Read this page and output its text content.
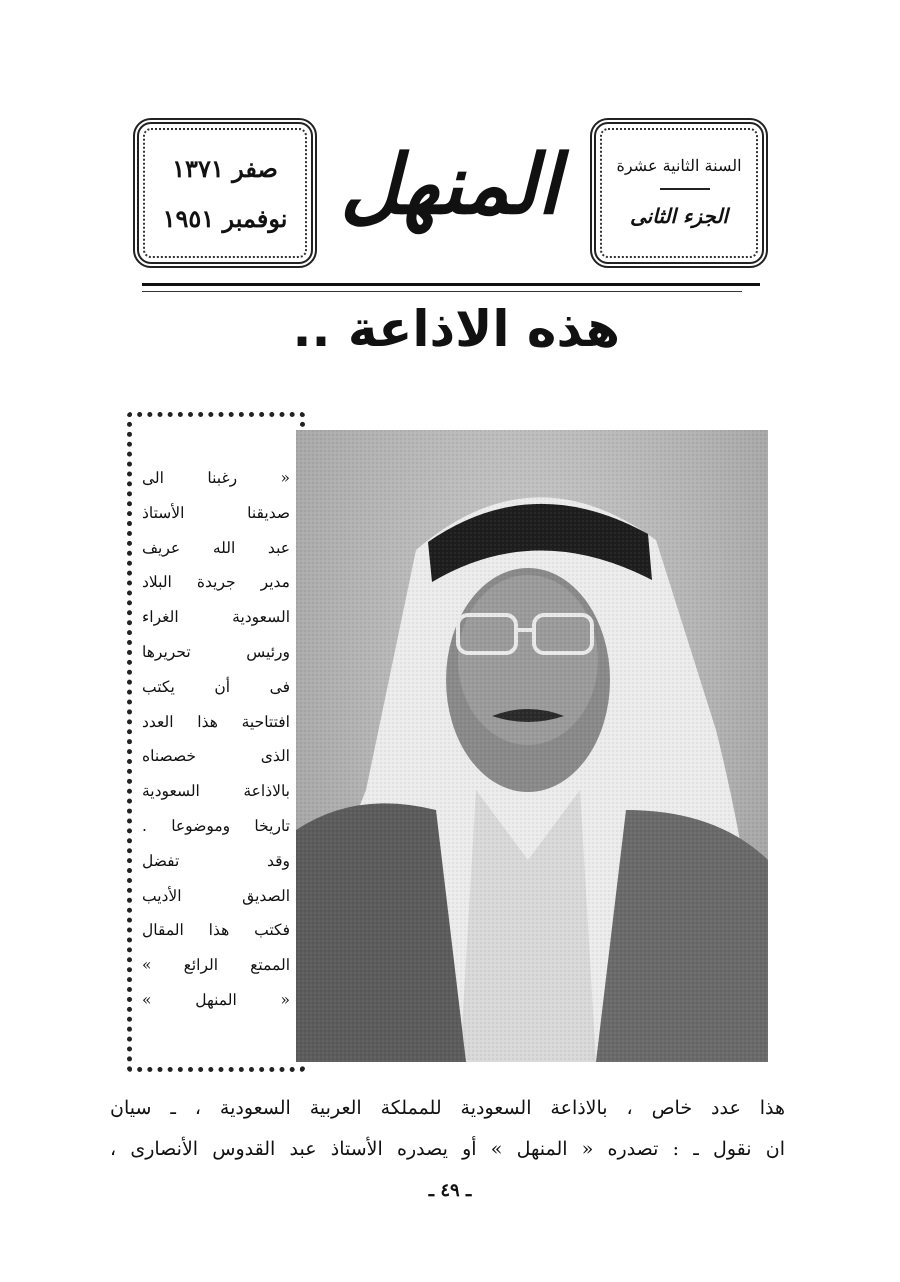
صفر ١٣٧١
نوفمبر ١٩٥١ المنهل	السنة الثانية عشرة
الجزء الثانى
هذه الاذاعة ..
« رغبنا الى
صديقنا الأستاذ
عبد الله عريف
مدير جريدة البلاد
السعودية الغراء
ورئيس تحريرها
فى أن يكتب
افتتاحية هذا العدد
الذى خصصناه
بالاذاعة السعودية
تاريخا وموضوعا .
وقد تفضل
الصديق الأديب
فكتب هذا المقال
الممتع الرائع »
« المنهل »
هذا عدد خاص ، بالاذاعة السعودية للمملكة العربية السعودية ، ـ سيان
ان نقول ـ : تصدره « المنهل » أو يصدره الأستاذ عبد القدوس الأنصارى ،
ـ ٤٩ ـ
